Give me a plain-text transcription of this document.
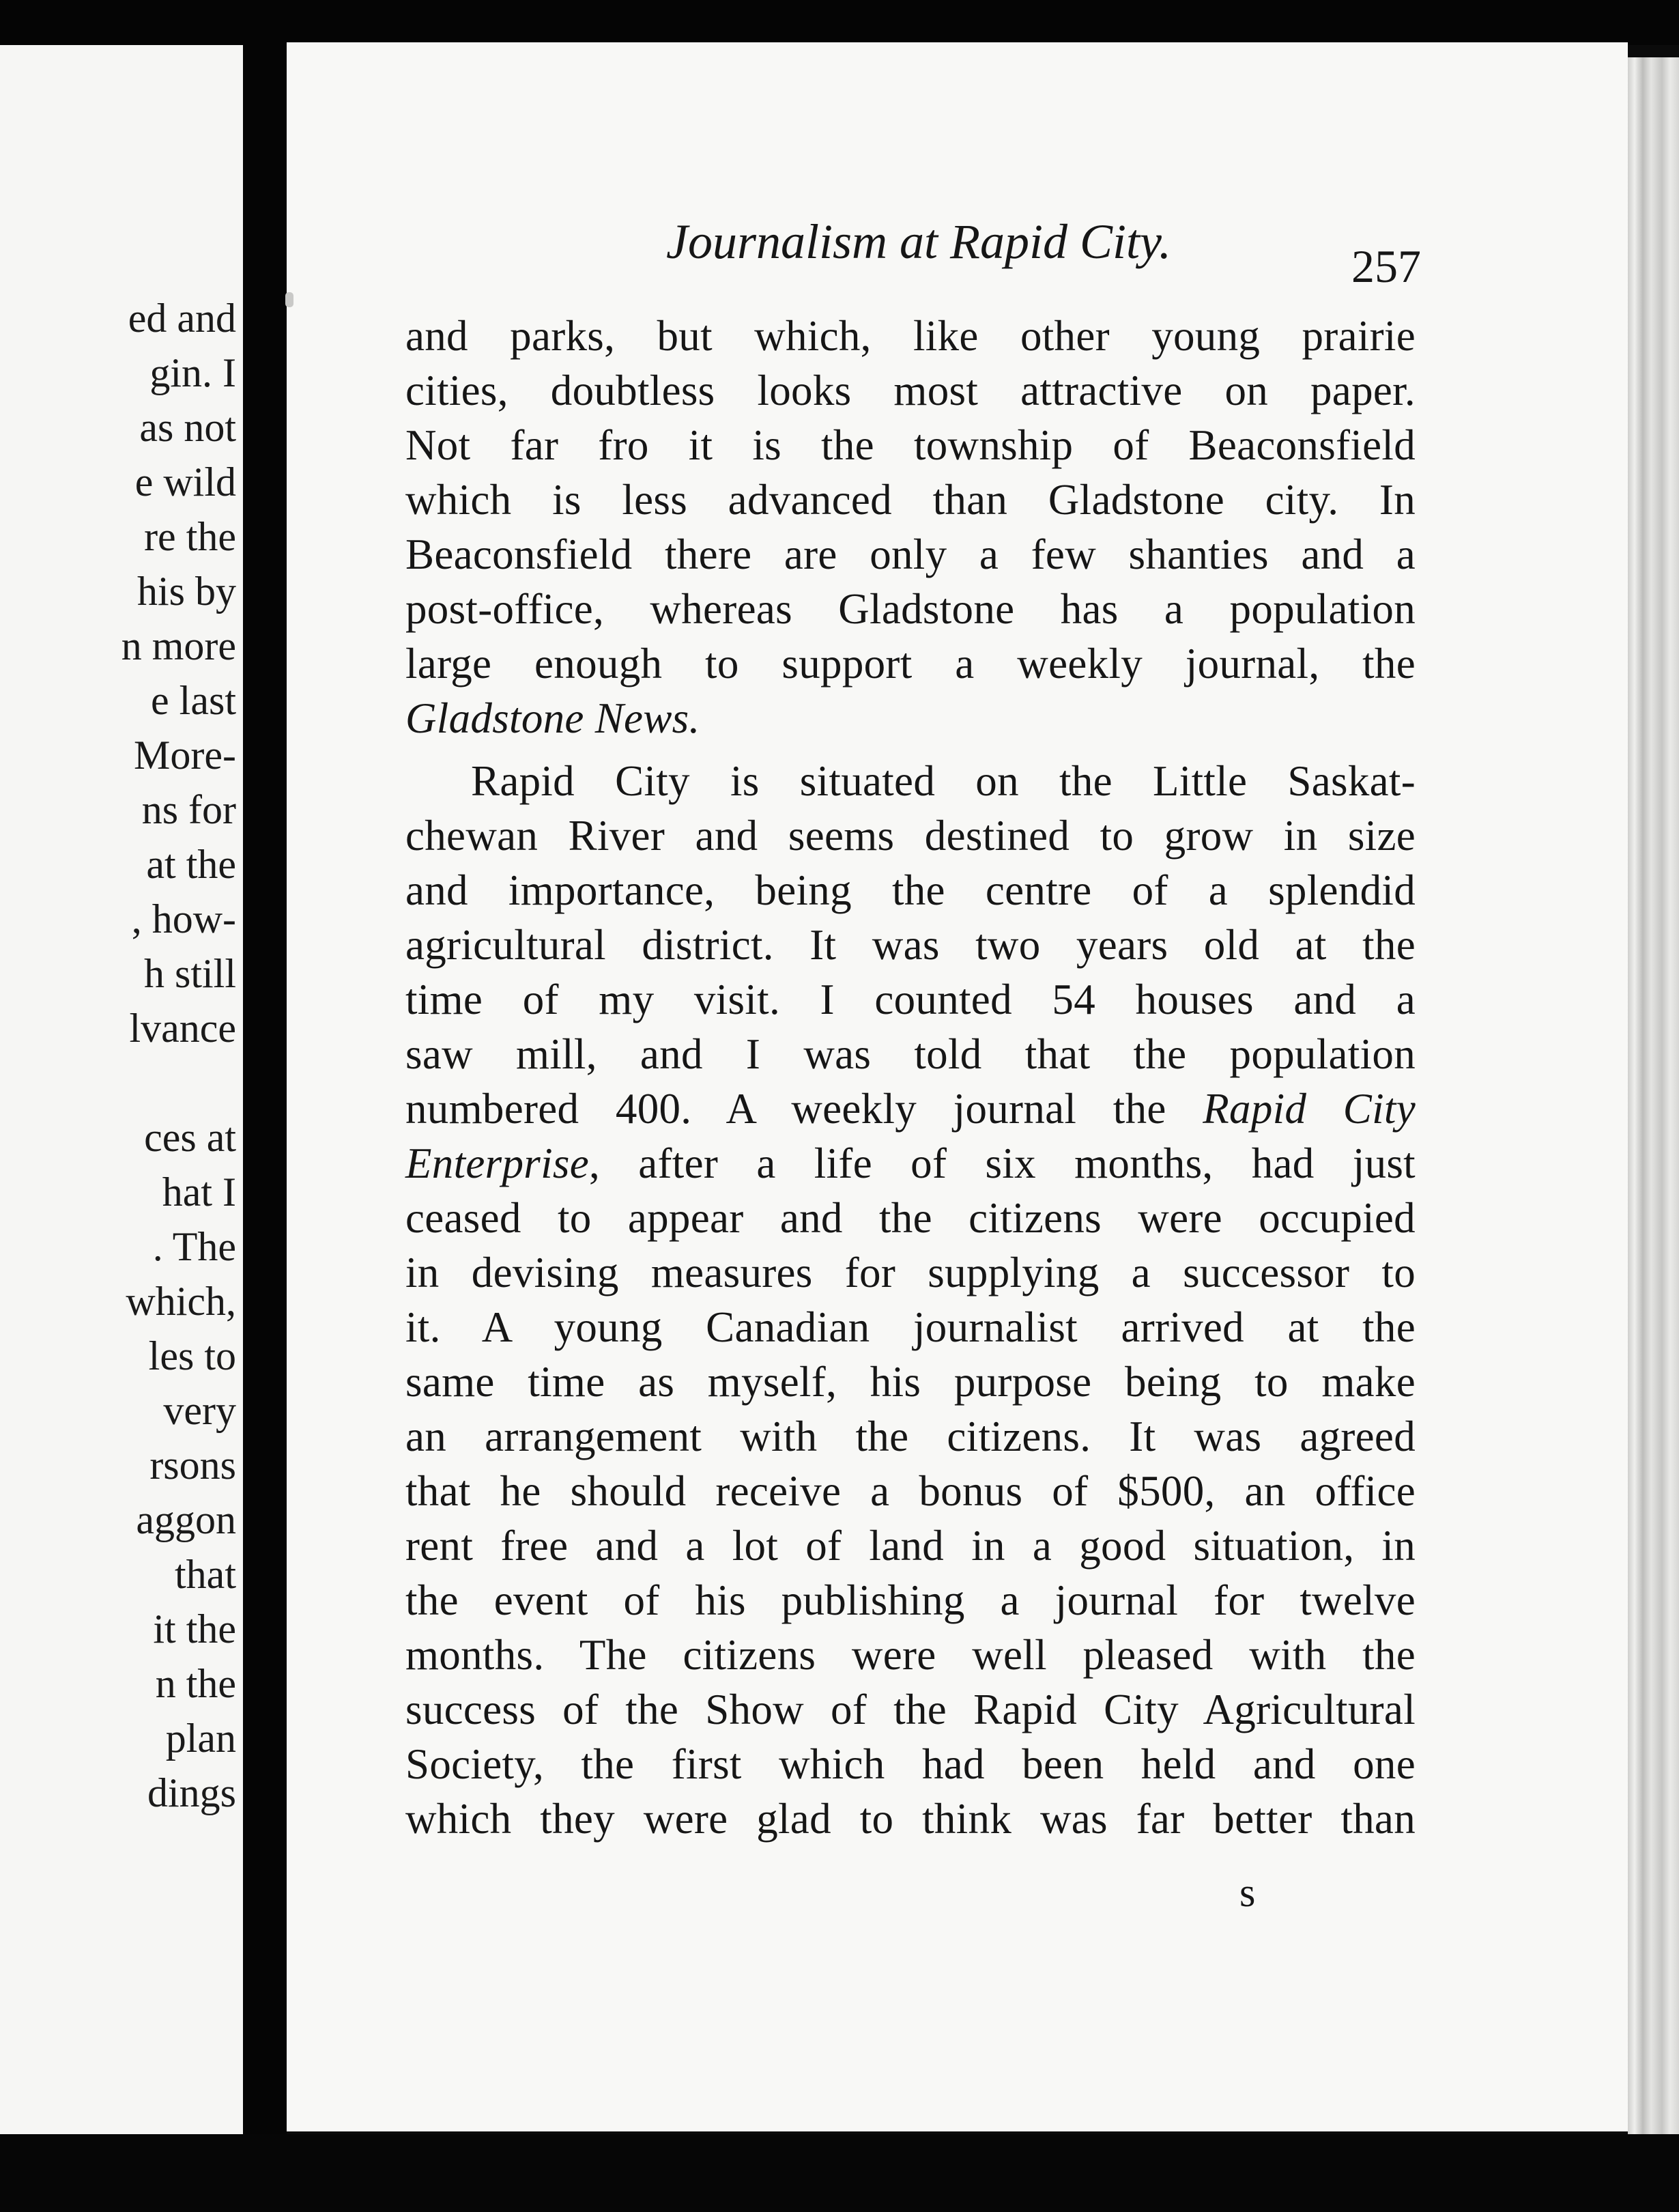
ed and
gin. I
as not
e wild
re the
his by
n more
e last
More-
ns for
at the
, how-
h still
lvance
ces at
hat I
. The
which,
les to
very
rsons
aggon
that
it the
n the
plan
dings
Journalism at Rapid City.	257
and parks, but which, like other young prairie
cities, doubtless looks most attractive on paper.
Not far fro it is the township of Beaconsfield
which is less advanced than Gladstone city. In
Beaconsfield there are only a few shanties and a
post-office, whereas Gladstone has a population
large enough to support a weekly journal, the
Gladstone News.
Rapid City is situated on the Little Saskat-
chewan River and seems destined to grow in size
and importance, being the centre of a splendid
agricultural district. It was two years old at the
time of my visit. I counted 54 houses and a
saw mill, and I was told that the population
numbered 400. A weekly journal the Rapid City
Enterprise, after a life of six months, had just
ceased to appear and the citizens were occupied
in devising measures for supplying a successor to
it. A young Canadian journalist arrived at the
same time as myself, his purpose being to make
an arrangement with the citizens. It was agreed
that he should receive a bonus of $500, an office
rent free and a lot of land in a good situation, in
the event of his publishing a journal for twelve
months. The citizens were well pleased with the
success of the Show of the Rapid City Agricultural
Society, the first which had been held and one
which they were glad to think was far better than
s
